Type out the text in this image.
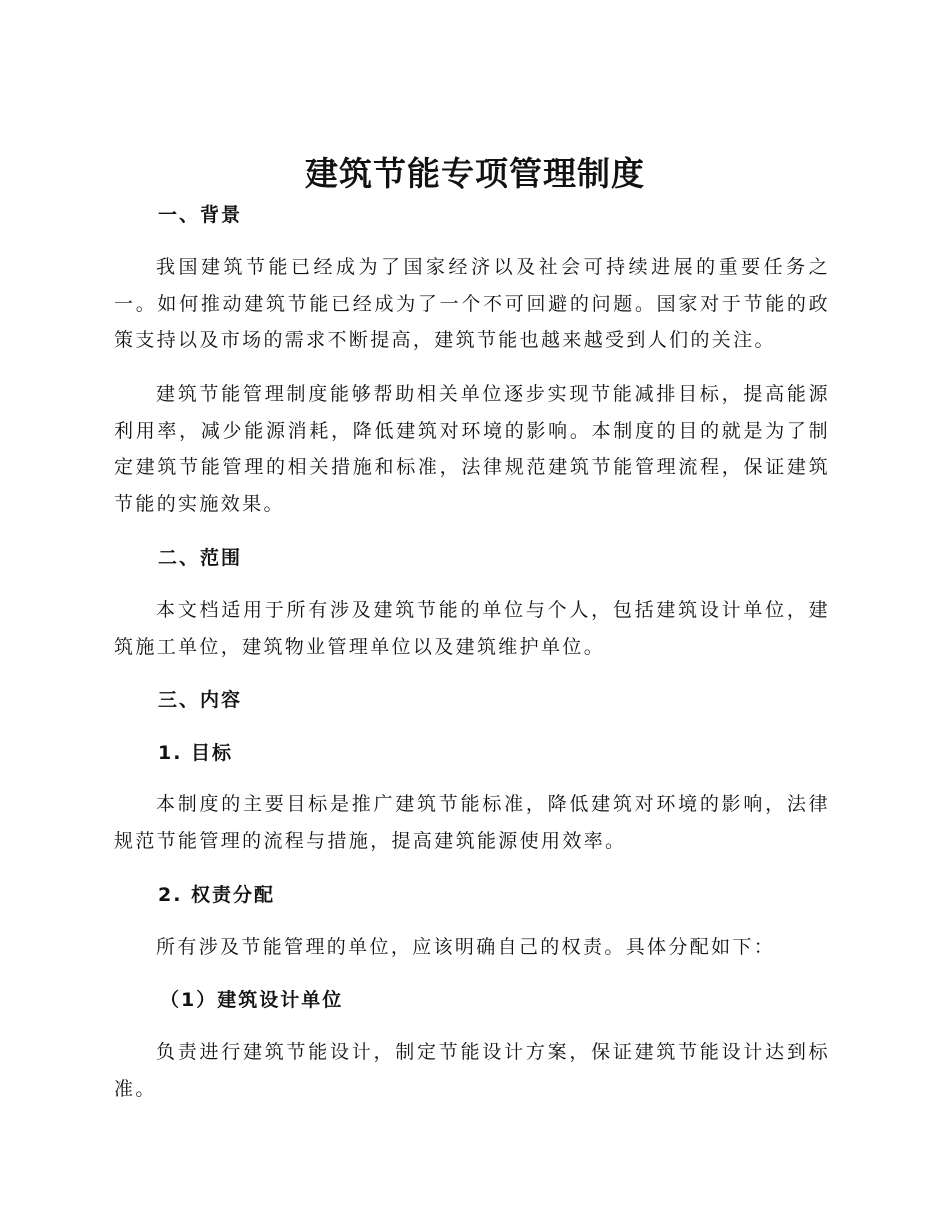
建筑节能专项管理制度
一、背景

我国建筑节能已经成为了国家经济以及社会可持续进展的重要任务之一。如何推动建筑节能已经成为了一个不可回避的问题。国家对于节能的政策支持以及市场的需求不断提高，建筑节能也越来越受到人们的关注。

建筑节能管理制度能够帮助相关单位逐步实现节能减排目标，提高能源利用率，减少能源消耗，降低建筑对环境的影响。本制度的目的就是为了制定建筑节能管理的相关措施和标准，法律规范建筑节能管理流程，保证建筑节能的实施效果。

二、范围

本文档适用于所有涉及建筑节能的单位与个人，包括建筑设计单位，建筑施工单位，建筑物业管理单位以及建筑维护单位。

三、内容
1. 目标

本制度的主要目标是推广建筑节能标准，降低建筑对环境的影响，法律规范节能管理的流程与措施，提高建筑能源使用效率。

2. 权责分配

所有涉及节能管理的单位，应该明确自己的权责。具体分配如下：

（1）建筑设计单位

负责进行建筑节能设计，制定节能设计方案，保证建筑节能设计达到标准。
